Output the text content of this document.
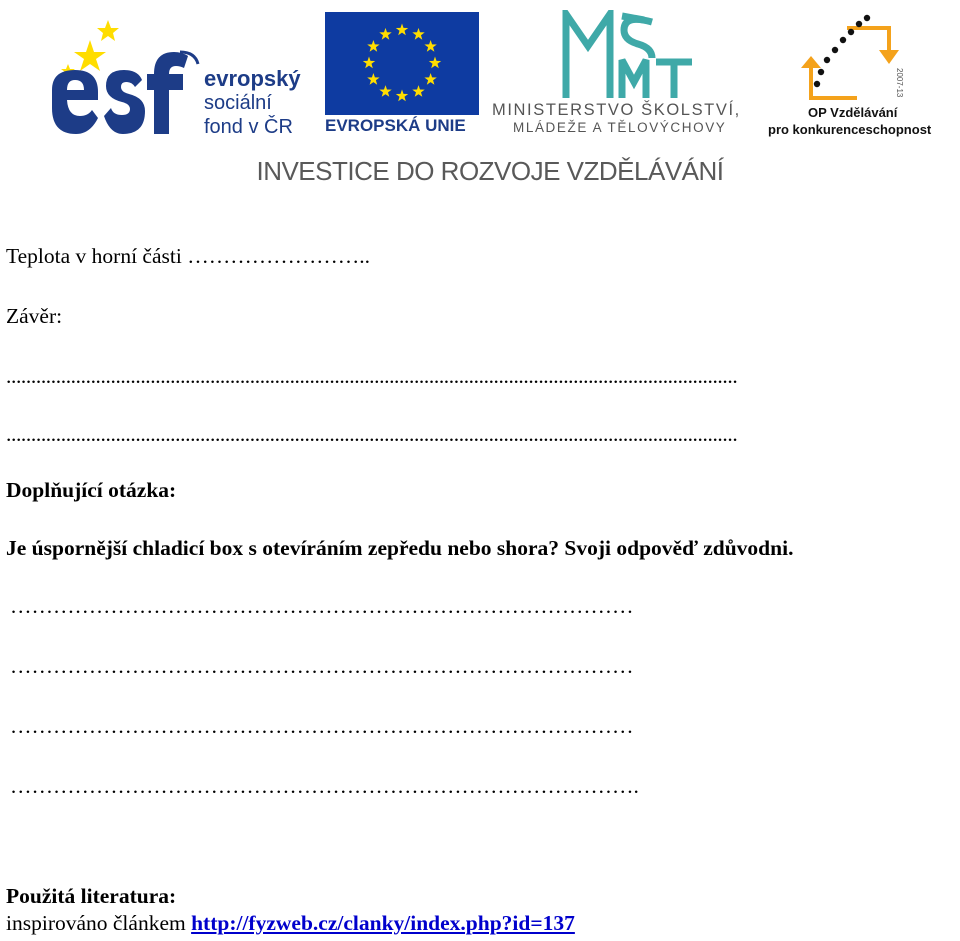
evropský
sociální
fond v ČR EVROPSKÁ UNIE
MINISTERSTVO ŠKOLSTVÍ,
MLÁDEŽE A TĚLOVÝCHOVY
2007-13
OP Vzdělávání
pro konkurenceschopnost
INVESTICE DO ROZVOJE VZDĚLÁVÁNÍ
Teplota v horní části ……………………..
Závěr:
...................................................................................................................................................
...................................................................................................................................................
Doplňující otázka:
Je úspornější chladicí box s otevíráním zepředu nebo shora? Svoji odpověď zdůvodni.
……………………………………………………………………………
……………………………………………………………………………
……………………………………………………………………………
…………………………………………………………………………….
Použitá literatura:
inspirováno článkem http://fyzweb.cz/clanky/index.php?id=137
